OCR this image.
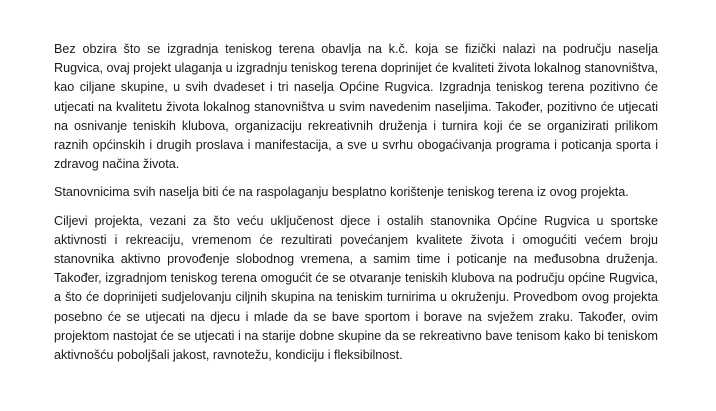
Bez obzira što se izgradnja teniskog terena obavlja na k.č. koja se fizički nalazi na području naselja Rugvica, ovaj projekt ulaganja u izgradnju teniskog terena doprinijet će kvaliteti života lokalnog stanovništva, kao ciljane skupine, u svih dvadeset i tri naselja Općine Rugvica. Izgradnja teniskog terena pozitivno će utjecati na kvalitetu života lokalnog stanovništva u svim navedenim naseljima. Također, pozitivno će utjecati na osnivanje teniskih klubova, organizaciju rekreativnih druženja i turnira koji će se organizirati prilikom raznih općinskih i drugih proslava i manifestacija, a sve u svrhu obogaćivanja programa i poticanja sporta i zdravog načina života.

Stanovnicima svih naselja biti će na raspolaganju besplatno korištenje teniskog terena iz ovog projekta.

Ciljevi projekta, vezani za što veću uključenost djece i ostalih stanovnika Općine Rugvica u sportske aktivnosti i rekreaciju, vremenom će rezultirati povećanjem kvalitete života i omogućiti većem broju stanovnika aktivno provođenje slobodnog vremena, a samim time i poticanje na međusobna druženja. Također, izgradnjom teniskog terena omogućit će se otvaranje teniskih klubova na području općine Rugvica, a što će doprinijeti sudjelovanju ciljnih skupina na teniskim turnirima u okruženju. Provedbom ovog projekta posebno će se utjecati na djecu i mlade da se bave sportom i borave na svježem zraku. Također, ovim projektom nastojat će se utjecati i na starije dobne skupine da se rekreativno bave tenisom kako bi teniskom aktivnošću poboljšali jakost, ravnotežu, kondiciju i fleksibilnost.
